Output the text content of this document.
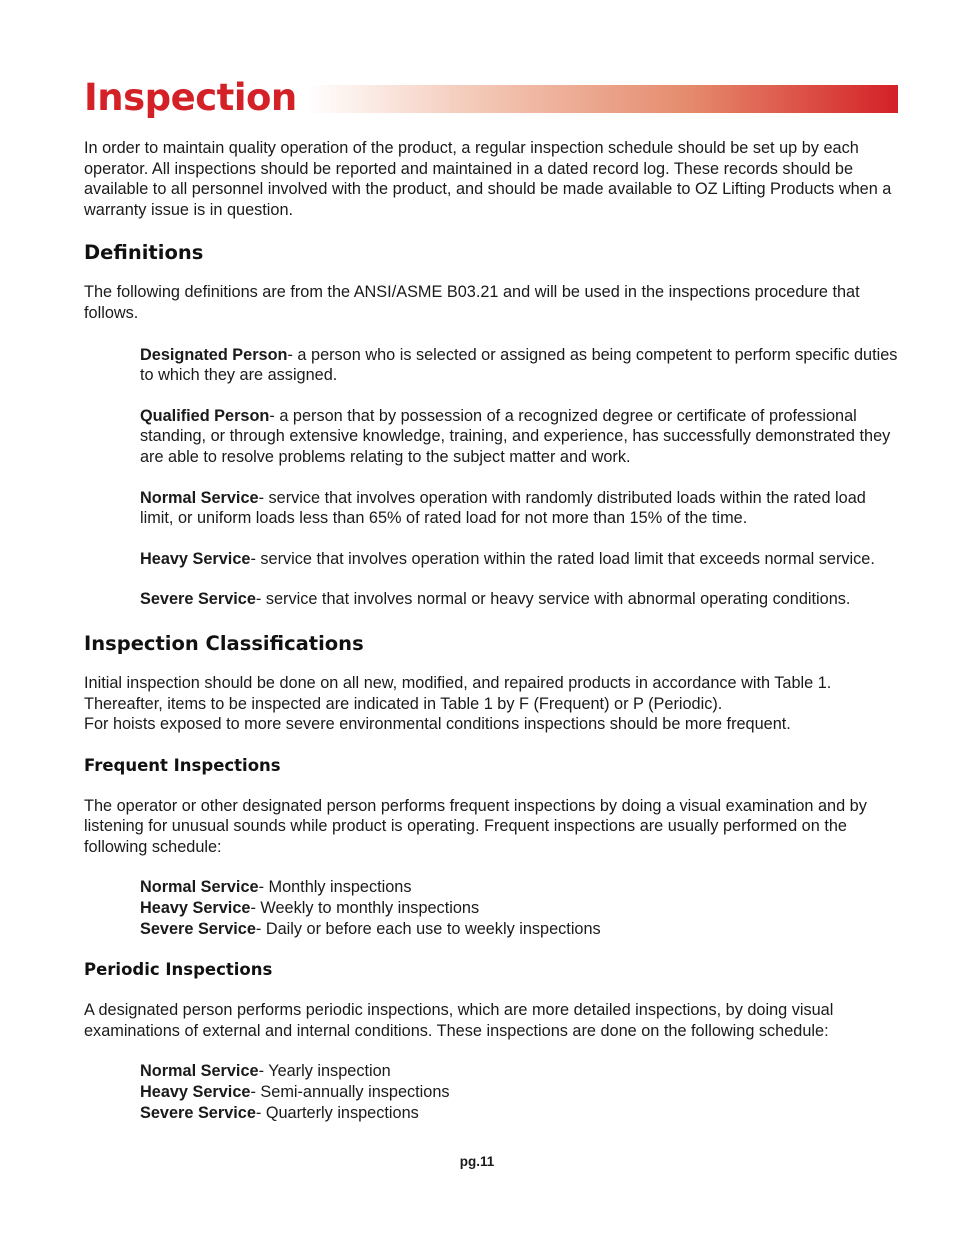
Inspection

In order to maintain quality operation of the product, a regular inspection schedule should be set up by each operator. All inspections should be reported and maintained in a dated record log. These records should be available to all personnel involved with the product, and should be made available to OZ Lifting Products when a warranty issue is in question.

Definitions

The following definitions are from the ANSI/ASME B03.21 and will be used in the inspections procedure that follows.

Designated Person- a person who is selected or assigned as being competent to perform specific duties to which they are assigned.

Qualified Person- a person that by possession of a recognized degree or certificate of professional standing, or through extensive knowledge, training, and experience, has successfully demonstrated they are able to resolve problems relating to the subject matter and work.

Normal Service- service that involves operation with randomly distributed loads within the rated load limit, or uniform loads less than 65% of rated load for not more than 15% of the time.

Heavy Service- service that involves operation within the rated load limit that exceeds normal service.

Severe Service- service that involves normal or heavy service with abnormal operating conditions.

Inspection Classifications

Initial inspection should be done on all new, modified, and repaired products in accordance with Table 1. Thereafter, items to be inspected are indicated in Table 1 by F (Frequent) or P (Periodic).

For hoists exposed to more severe environmental conditions inspections should be more frequent.

Frequent Inspections

The operator or other designated person performs frequent inspections by doing a visual examination and by listening for unusual sounds while product is operating. Frequent inspections are usually performed on the following schedule:

Normal Service- Monthly inspections

Heavy Service- Weekly to monthly inspections

Severe Service- Daily or before each use to weekly inspections

Periodic Inspections

A designated person performs periodic inspections, which are more detailed inspections, by doing visual examinations of external and internal conditions. These inspections are done on the following schedule:

Normal Service- Yearly inspection

Heavy Service- Semi-annually inspections

Severe Service- Quarterly inspections

pg.11
